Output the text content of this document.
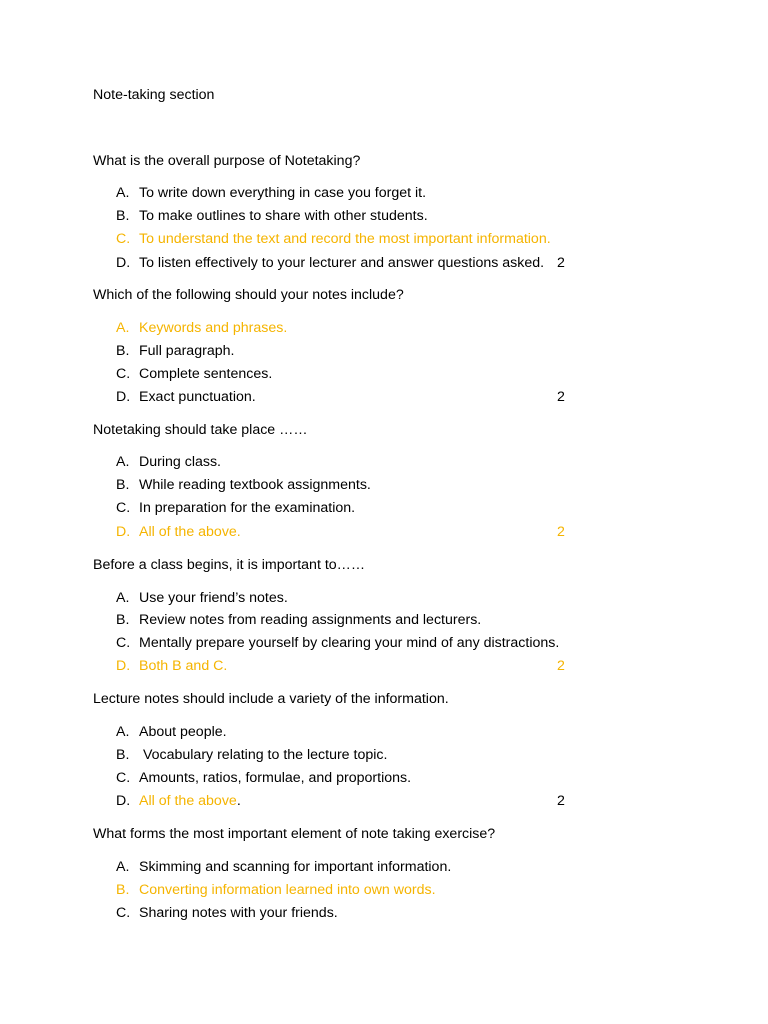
Note-taking section
What is the overall purpose of Notetaking?
A. To write down everything in case you forget it.
B. To make outlines to share with other students.
C. To understand the text and record the most important information.
D. To listen effectively to your lecturer and answer questions asked. 2
Which of the following should your notes include?
A. Keywords and phrases.
B. Full paragraph.
C. Complete sentences.
D. Exact punctuation.	2
Notetaking should take place ……
A. During class.
B. While reading textbook assignments.
C. In preparation for the examination.
D. All of the above.	2
Before a class begins, it is important to……
A. Use your friend’s notes.
B. Review notes from reading assignments and lecturers.
C. Mentally prepare yourself by clearing your mind of any distractions.
D. Both B and C.	2
Lecture notes should include a variety of the information.
A. About people.
B. Vocabulary relating to the lecture topic.
C. Amounts, ratios, formulae, and proportions.
D. All of the above.	2
What forms the most important element of note taking exercise?
A. Skimming and scanning for important information.
B. Converting information learned into own words.
C. Sharing notes with your friends.
